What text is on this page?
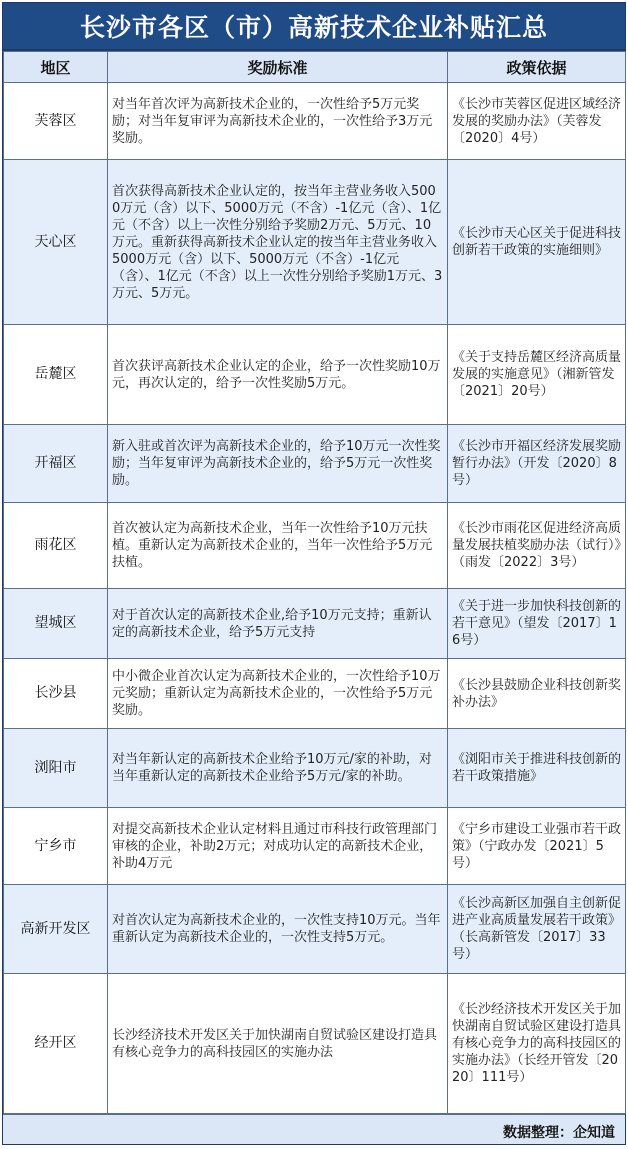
长沙市各区（市）高新技术企业补贴汇总
地区	奖励标准	政策依据
芙蓉区	对当年首次评为高新技术企业的，一次性给予5万元奖励；对当年复审评为高新技术企业的，一次性给予3万元奖励。	《长沙市芙蓉区促进区域经济发展的奖励办法》（芙蓉发〔2020〕4号）
天心区	首次获得高新技术企业认定的，按当年主营业务收入5000万元（含）以下、5000万元（不含）-1亿元（含）、1亿元（不含）以上一次性分别给予奖励2万元、5万元、10万元。重新获得高新技术企业认定的按当年主营业务收入5000万元（含）以下、5000万元（不含）-1亿元（含）、1亿元（不含）以上一次性分别给予奖励1万元、3万元、5万元。	《长沙市天心区关于促进科技创新若干政策的实施细则》
岳麓区	首次获评高新技术企业认定的企业，给予一次性奖励10万元，再次认定的，给予一次性奖励5万元。	《关于支持岳麓区经济高质量发展的实施意见》（湘新管发〔2021〕20号）
开福区	新入驻或首次评为高新技术企业的，给予10万元一次性奖励；当年复审评为高新技术企业的，给予5万元一次性奖励。	《长沙市开福区经济发展奖励暂行办法》（开发〔2020〕8号）
雨花区	首次被认定为高新技术企业，当年一次性给予10万元扶植。重新认定为高新技术企业的，当年一次性给予5万元扶植。	《长沙市雨花区促进经济高质量发展扶植奖励办法（试行）》（雨发〔2022〕3号）
望城区	对于首次认定的高新技术企业,给予10万元支持；重新认定的高新技术企业，给予5万元支持	《关于进一步加快科技创新的若干意见》（望发〔2017〕16号）
长沙县	中小微企业首次认定为高新技术企业的，一次性给予10万元奖励；重新认定为高新技术企业的，一次性给予5万元奖励。	《长沙县鼓励企业科技创新奖补办法》
浏阳市	对当年新认定的高新技术企业给予10万元/家的补助，对当年重新认定的高新技术企业给予5万元/家的补助。	《浏阳市关于推进科技创新的若干政策措施》
宁乡市	对提交高新技术企业认定材料且通过市科技行政管理部门审核的企业，补助2万元；对成功认定的高新技术企业，补助4万元	《宁乡市建设工业强市若干政策》（宁政办发〔2021〕5号）
高新开发区	对首次认定为高新技术企业的，一次性支持10万元。当年重新认定为高新技术企业的，一次性支持5万元。	《长沙高新区加强自主创新促进产业高质量发展若干政策》（长高新管发〔2017〕33号）
经开区	长沙经济技术开发区关于加快湖南自贸试验区建设打造具有核心竞争力的高科技园区的实施办法	《长沙经济技术开发区关于加快湖南自贸试验区建设打造具有核心竞争力的高科技园区的实施办法》（长经开管发〔2020〕111号）
数据整理：企知道
